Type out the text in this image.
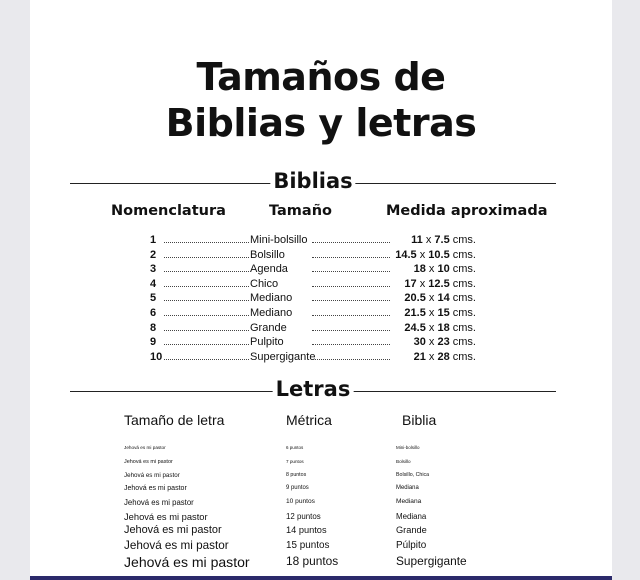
Tamaños de
Biblias y letras
Biblias
Nomenclatura	Tamaño	Medida aproximada
1	Mini-bolsillo	11 x 7.5 cms.
2	Bolsillo	14.5 x 10.5 cms.
3	Agenda	18 x 10 cms.
4	Chico	17 x 12.5 cms.
5	Mediano	20.5 x 14 cms.
6	Mediano	21.5 x 15 cms.
8	Grande	24.5 x 18 cms.
9	Pulpito	30 x 23 cms.
10	Supergigante	21 x 28 cms.
Letras
Tamaño de letra	Métrica	Biblia
Jehová es mi pastor	6 puntos	Mini-bolsillo
Jehová es mi pastor	7 puntos	Bolsillo
Jehová es mi pastor	8 puntos	Bolsillo, Chica
Jehová es mi pastor	9 puntos	Mediana
Jehová es mi pastor	10 puntos	Mediana
Jehová es mi pastor	12 puntos	Mediana
Jehová es mi pastor	14 puntos	Grande
Jehová es mi pastor	15 puntos	Púlpito
Jehová es mi pastor	18 puntos	Supergigante
